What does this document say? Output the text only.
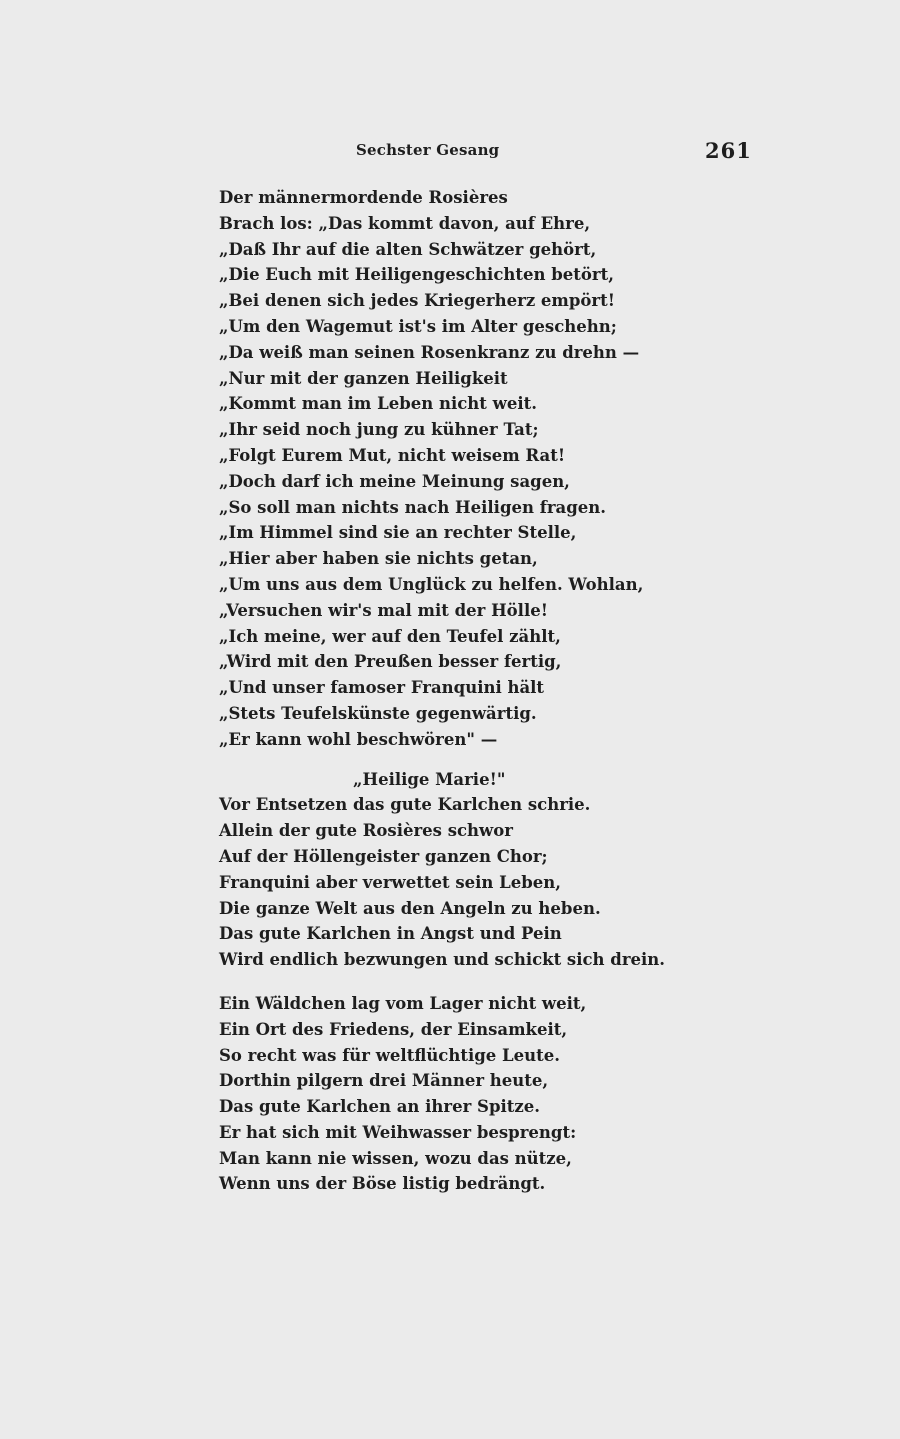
Sechster Gesang	261
Der männermordende Rosières
Brach los: „Das kommt davon, auf Ehre,
„Daß Ihr auf die alten Schwätzer gehört,
„Die Euch mit Heiligengeschichten betört,
„Bei denen sich jedes Kriegerherz empört!
„Um den Wagemut ist's im Alter geschehn;
„Da weiß man seinen Rosenkranz zu drehn —
„Nur mit der ganzen Heiligkeit
„Kommt man im Leben nicht weit.
„Ihr seid noch jung zu kühner Tat;
„Folgt Eurem Mut, nicht weisem Rat!
„Doch darf ich meine Meinung sagen,
„So soll man nichts nach Heiligen fragen.
„Im Himmel sind sie an rechter Stelle,
„Hier aber haben sie nichts getan,
„Um uns aus dem Unglück zu helfen. Wohlan,
„Versuchen wir's mal mit der Hölle!
„Ich meine, wer auf den Teufel zählt,
„Wird mit den Preußen besser fertig,
„Und unser famoser Franquini hält
„Stets Teufelskünste gegenwärtig.
„Er kann wohl beschwören" —
„Heilige Marie!"
Vor Entsetzen das gute Karlchen schrie.
Allein der gute Rosières schwor
Auf der Höllengeister ganzen Chor;
Franquini aber verwettet sein Leben,
Die ganze Welt aus den Angeln zu heben.
Das gute Karlchen in Angst und Pein
Wird endlich bezwungen und schickt sich drein.
Ein Wäldchen lag vom Lager nicht weit,
Ein Ort des Friedens, der Einsamkeit,
So recht was für weltflüchtige Leute.
Dorthin pilgern drei Männer heute,
Das gute Karlchen an ihrer Spitze.
Er hat sich mit Weihwasser besprengt:
Man kann nie wissen, wozu das nütze,
Wenn uns der Böse listig bedrängt.
